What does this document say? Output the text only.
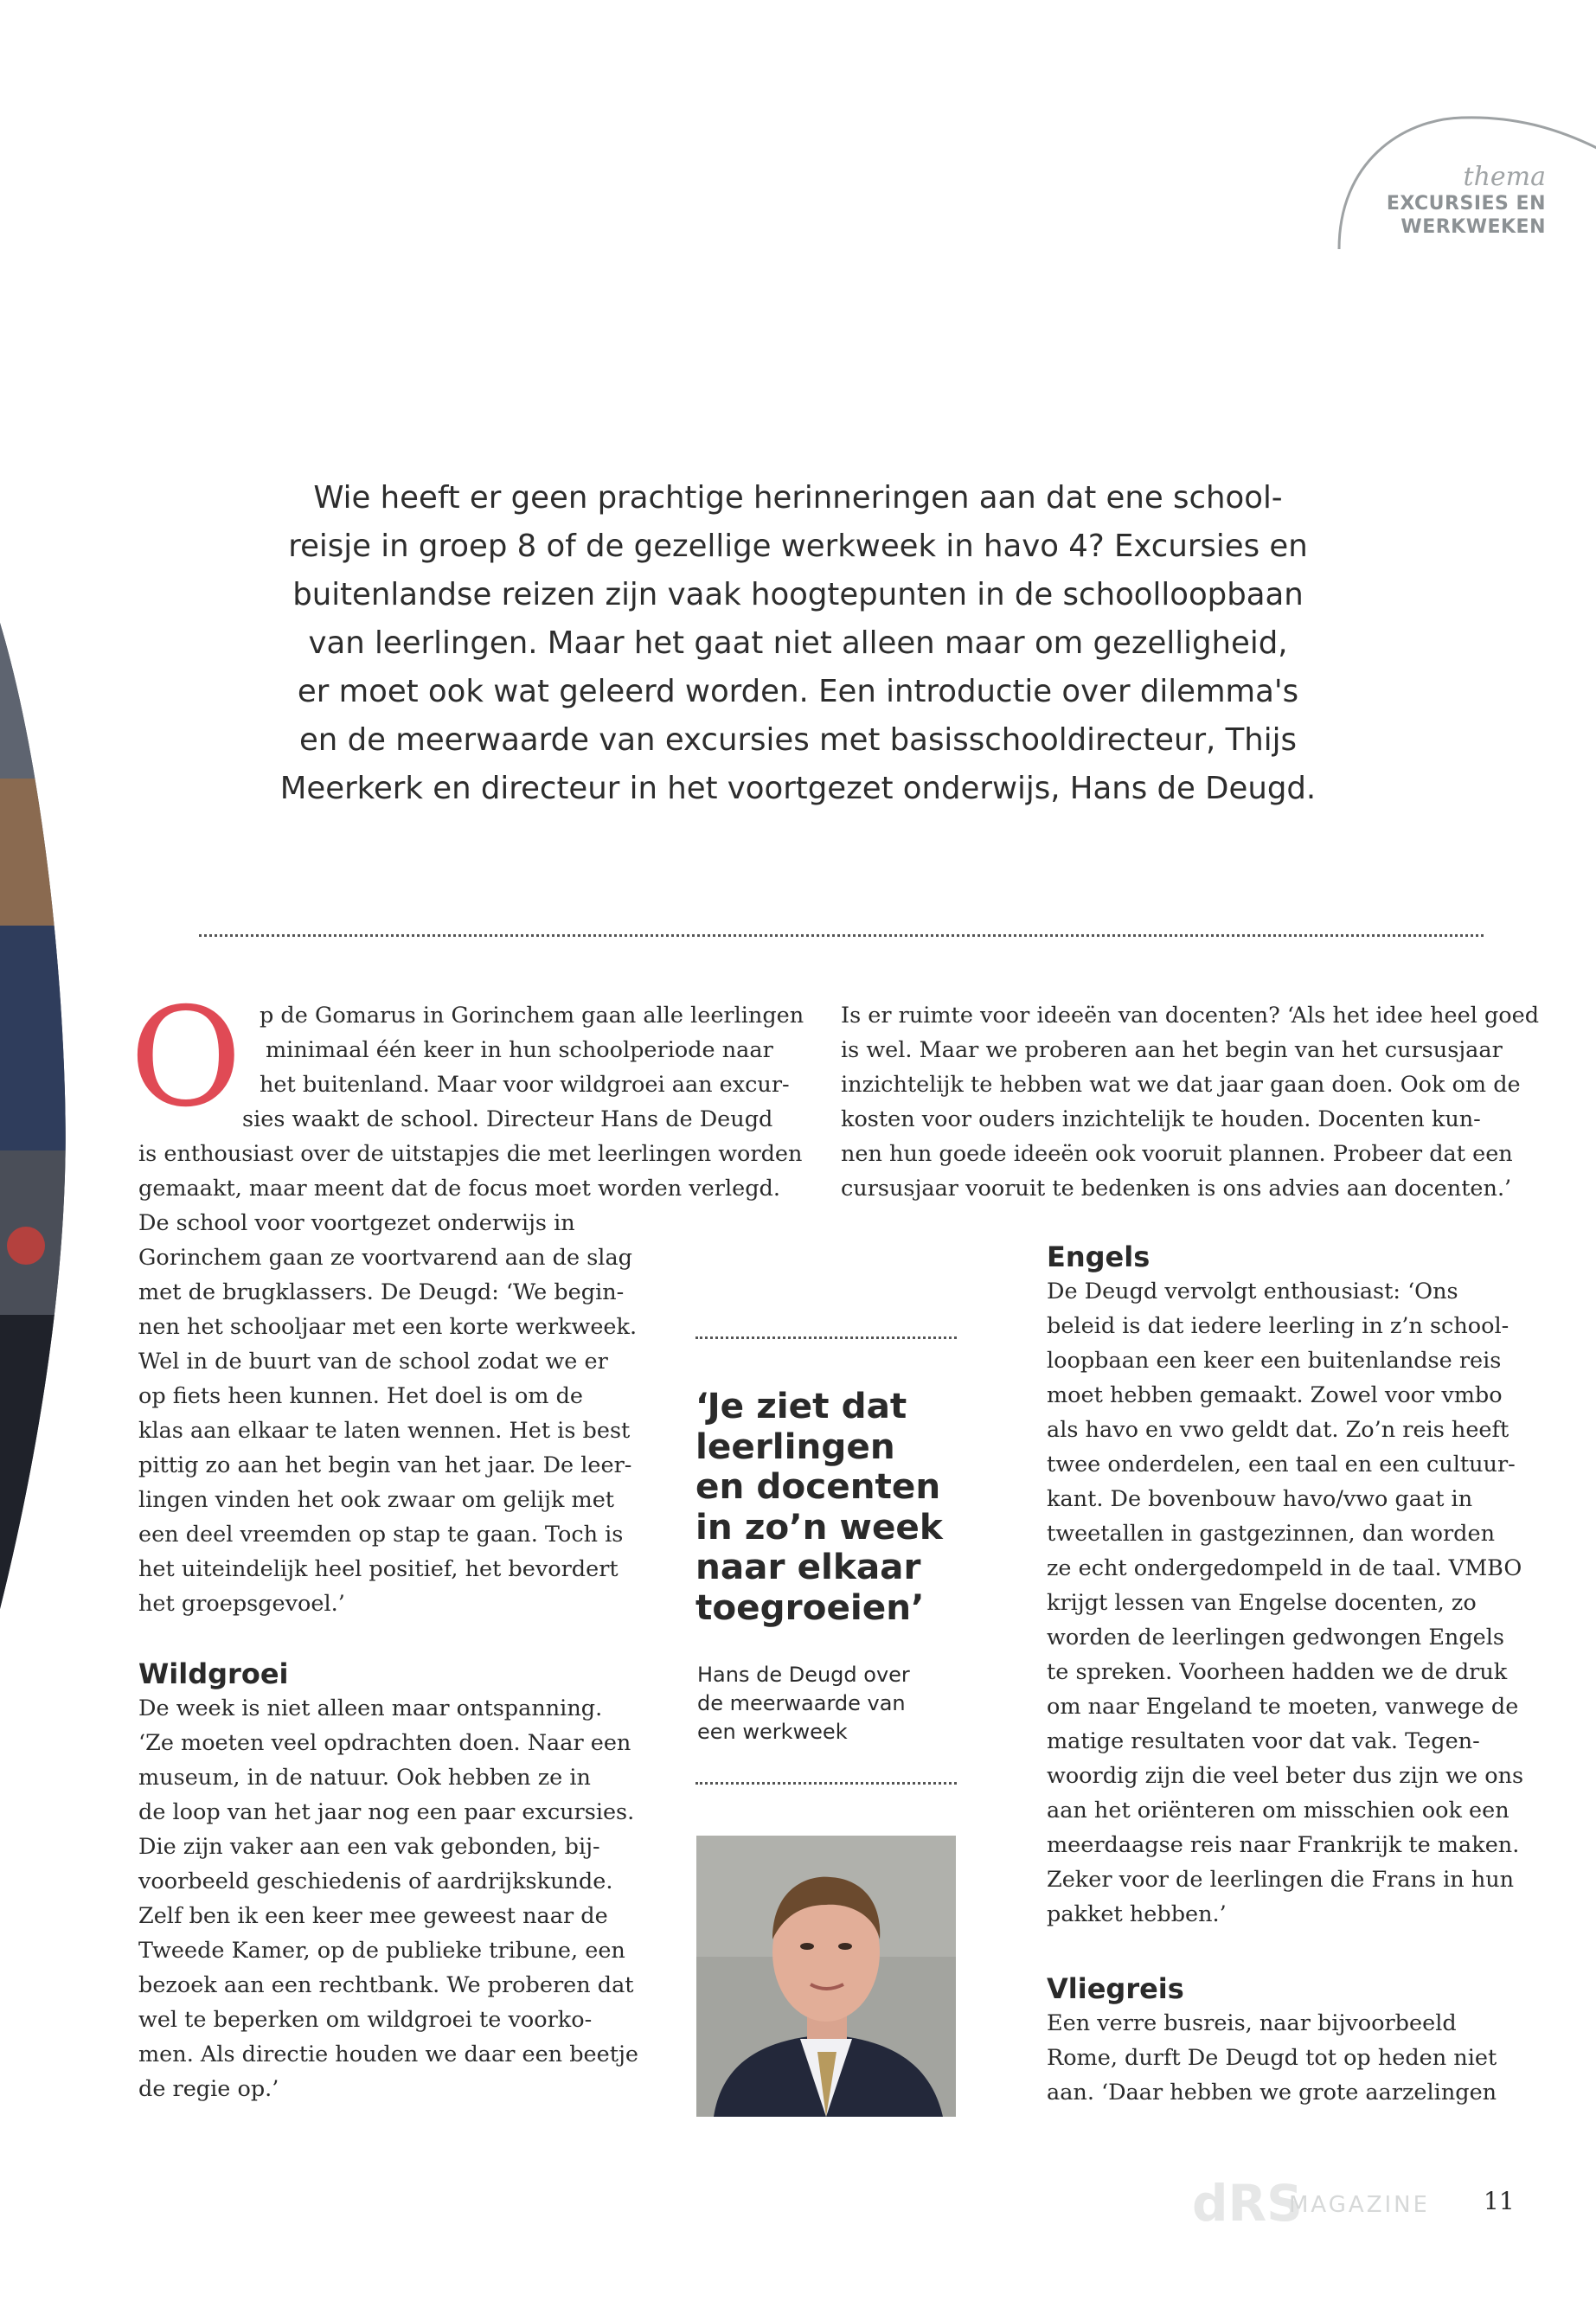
thema
EXCURSIES EN
WERKWEKEN
Wie heeft er geen prachtige herinneringen aan dat ene school-
reisje in groep 8 of de gezellige werkweek in havo 4? Excursies en
buitenlandse reizen zijn vaak hoogtepunten in de schoolloopbaan
van leerlingen. Maar het gaat niet alleen maar om gezelligheid,
er moet ook wat geleerd worden. Een introductie over dilemma's
en de meerwaarde van excursies met basisschooldirecteur, Thijs
Meerkerk en directeur in het voortgezet onderwijs, Hans de Deugd.
O p de Gomarus in Gorinchem gaan alle leerlingen
minimaal één keer in hun schoolperiode naar
het buitenland. Maar voor wildgroei aan excur-
sies waakt de school. Directeur Hans de Deugd
is enthousiast over de uitstapjes die met leerlingen worden
gemaakt, maar meent dat de focus moet worden verlegd.
De school voor voortgezet onderwijs in
Gorinchem gaan ze voortvarend aan de slag
met de brugklassers. De Deugd: ‘We begin-
nen het schooljaar met een korte werkweek.
Wel in de buurt van de school zodat we er
op fiets heen kunnen. Het doel is om de
klas aan elkaar te laten wennen. Het is best
pittig zo aan het begin van het jaar. De leer-
lingen vinden het ook zwaar om gelijk met
een deel vreemden op stap te gaan. Toch is
het uiteindelijk heel positief, het bevordert
het groepsgevoel.’
Wildgroei
De week is niet alleen maar ontspanning.
‘Ze moeten veel opdrachten doen. Naar een
museum, in de natuur. Ook hebben ze in
de loop van het jaar nog een paar excursies.
Die zijn vaker aan een vak gebonden, bij-
voorbeeld geschiedenis of aardrijkskunde.
Zelf ben ik een keer mee geweest naar de
Tweede Kamer, op de publieke tribune, een
bezoek aan een rechtbank. We proberen dat
wel te beperken om wildgroei te voorko-
men. Als directie houden we daar een beetje
de regie op.’
Is er ruimte voor ideeën van docenten? ‘Als het idee heel goed
is wel. Maar we proberen aan het begin van het cursusjaar
inzichtelijk te hebben wat we dat jaar gaan doen. Ook om de
kosten voor ouders inzichtelijk te houden. Docenten kun-
nen hun goede ideeën ook vooruit plannen. Probeer dat een
cursusjaar vooruit te bedenken is ons advies aan docenten.’
‘Je ziet dat
leerlingen
en docenten
in zo’n week
naar elkaar
toegroeien’
Hans de Deugd over
de meerwaarde van
een werkweek
Engels
De Deugd vervolgt enthousiast: ‘Ons
beleid is dat iedere leerling in z’n school-
loopbaan een keer een buitenlandse reis
moet hebben gemaakt. Zowel voor vmbo
als havo en vwo geldt dat. Zo’n reis heeft
twee onderdelen, een taal en een cultuur-
kant. De bovenbouw havo/vwo gaat in
tweetallen in gastgezinnen, dan worden
ze echt ondergedompeld in de taal. VMBO
krijgt lessen van Engelse docenten, zo
worden de leerlingen gedwongen Engels
te spreken. Voorheen hadden we de druk
om naar Engeland te moeten, vanwege de
matige resultaten voor dat vak. Tegen-
woordig zijn die veel beter dus zijn we ons
aan het oriënteren om misschien ook een
meerdaagse reis naar Frankrijk te maken.
Zeker voor de leerlingen die Frans in hun
pakket hebben.’
Vliegreis
Een verre busreis, naar bijvoorbeeld
Rome, durft De Deugd tot op heden niet
aan. ‘Daar hebben we grote aarzelingen
dRS
MAGAZINE 11
